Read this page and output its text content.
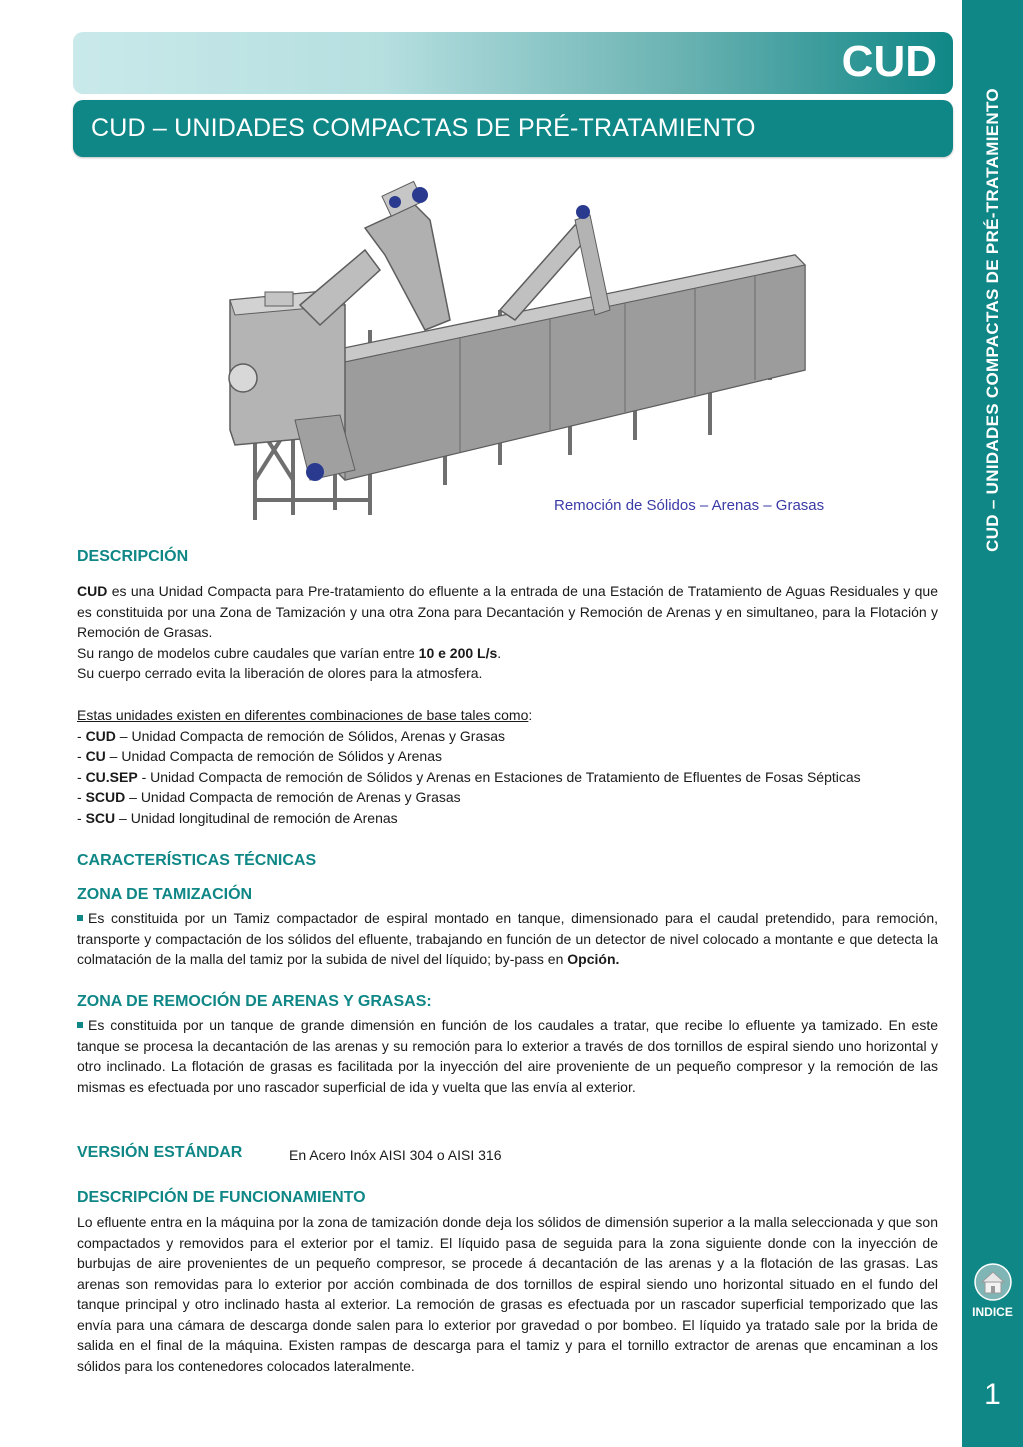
CUD – UNIDADES COMPACTAS DE PRÉ-TRATAMIENTO
INDICE
1
CUD
CUD – UNIDADES COMPACTAS DE PRÉ-TRATAMIENTO
Remoción de Sólidos – Arenas – Grasas
DESCRIPCIÓN

CUD es una Unidad Compacta para Pre-tratamiento do efluente a la entrada de una Estación de Tratamiento de Aguas Residuales y que es constituida por una Zona de Tamización y una otra Zona para Decantación y Remoción de Arenas y en simultaneo, para la Flotación y Remoción de Grasas.

Su rango de modelos cubre caudales que varían entre 10 e 200 L/s.

Su cuerpo cerrado evita la liberación de olores para la atmosfera.

Estas unidades existen en diferentes combinaciones de base tales como:

- CUD – Unidad Compacta de remoción de Sólidos, Arenas y Grasas

- CU – Unidad Compacta de remoción de Sólidos y Arenas

- CU.SEP - Unidad Compacta de remoción de Sólidos y Arenas en Estaciones de Tratamiento de Efluentes de Fosas Sépticas

- SCUD – Unidad Compacta de remoción de Arenas y Grasas

- SCU – Unidad longitudinal de remoción de Arenas

CARACTERÍSTICAS TÉCNICAS
ZONA DE TAMIZACIÓN

Es constituida por un Tamiz compactador de espiral montado en tanque, dimensionado para el caudal pretendido, para remoción, transporte y compactación de los sólidos del efluente, trabajando en función de un detector de nivel colocado a montante e que detecta la colmatación de la malla del tamiz por la subida de nivel del líquido; by-pass en Opción.

ZONA DE REMOCIÓN DE ARENAS Y GRASAS:

Es constituida por un tanque de grande dimensión en función de los caudales a tratar, que recibe lo efluente ya tamizado. En este tanque se procesa la decantación de las arenas y su remoción para lo exterior a través de dos tornillos de espiral siendo uno horizontal y otro inclinado. La flotación de grasas es facilitada por la inyección del aire proveniente de un pequeño compresor y la remoción de las mismas es efectuada por uno rascador superficial de ida y vuelta que las envía al exterior.

VERSIÓN ESTÁNDAR	En Acero Inóx AISI 304 o AISI 316
DESCRIPCIÓN DE FUNCIONAMIENTO

Lo efluente entra en la máquina por la zona de tamización donde deja los sólidos de dimensión superior a la malla seleccionada y que son compactados y removidos para el exterior por el tamiz. El líquido pasa de seguida para la zona siguiente donde con la inyección de burbujas de aire provenientes de un pequeño compresor, se procede á decantación de las arenas y a la flotación de las grasas. Las arenas son removidas para lo exterior por acción combinada de dos tornillos de espiral siendo uno horizontal situado en el fundo del tanque principal y otro inclinado hasta al exterior. La remoción de grasas es efectuada por un rascador superficial temporizado que las envía para una cámara de descarga donde salen para lo exterior por gravedad o por bombeo. El líquido ya tratado sale por la brida de salida en el final de la máquina. Existen rampas de descarga para el tamiz y para el tornillo extractor de arenas que encaminan a los sólidos para los contenedores colocados lateralmente.
